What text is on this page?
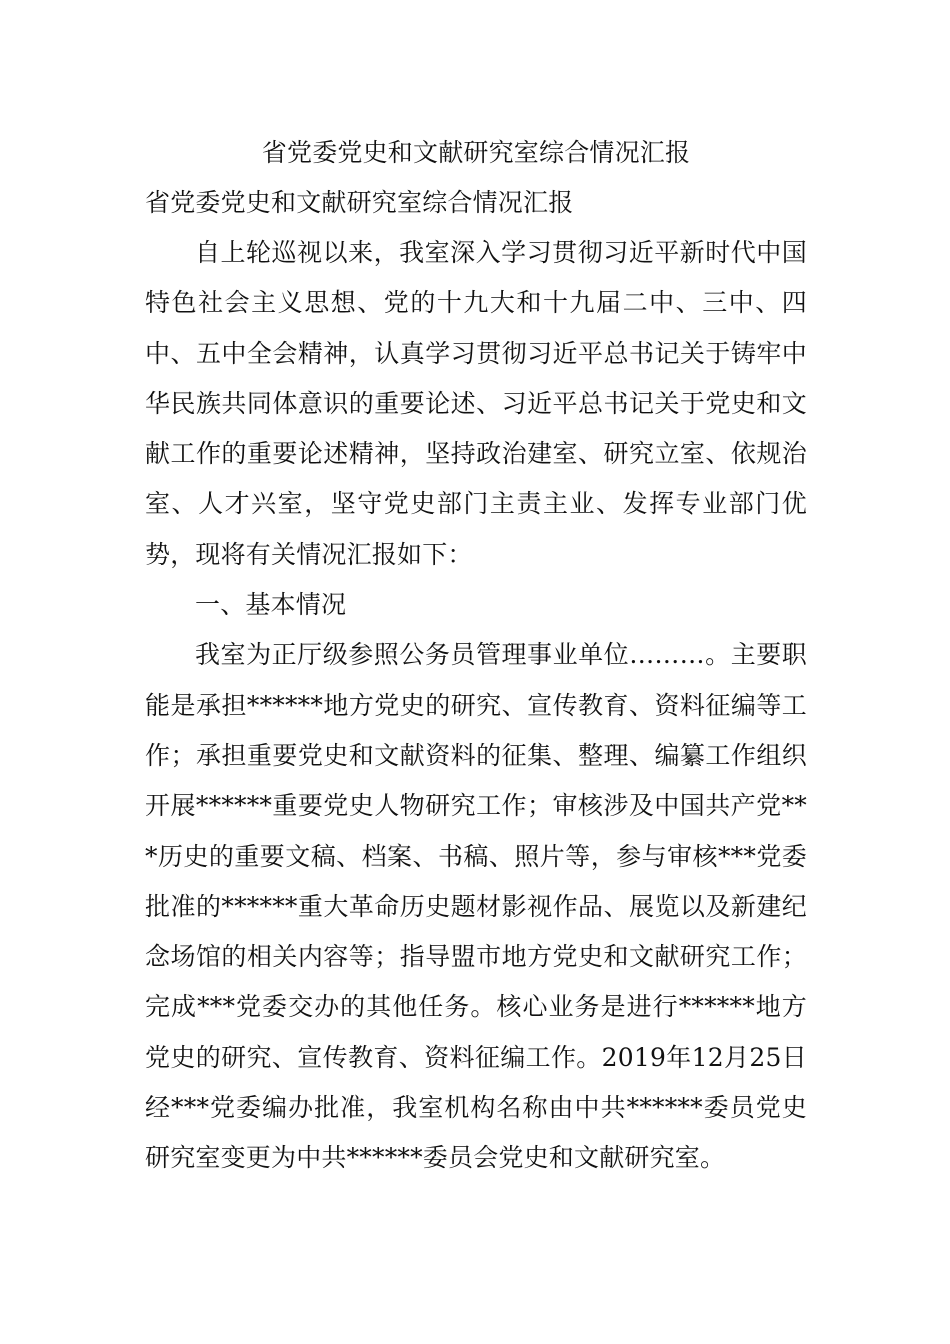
省党委党史和文献研究室综合情况汇报

省党委党史和文献研究室综合情况汇报

自上轮巡视以来，我室深入学习贯彻习近平新时代中国特色社会主义思想、党的十九大和十九届二中、三中、四中、五中全会精神，认真学习贯彻习近平总书记关于铸牢中华民族共同体意识的重要论述、习近平总书记关于党史和文献工作的重要论述精神，坚持政治建室、研究立室、依规治室、人才兴室，坚守党史部门主责主业、发挥专业部门优势，现将有关情况汇报如下：

一、基本情况

我室为正厅级参照公务员管理事业单位………。主要职能是承担******地方党史的研究、宣传教育、资料征编等工作；承担重要党史和文献资料的征集、整理、编纂工作组织开展******重要党史人物研究工作；审核涉及中国共产党***历史的重要文稿、档案、书稿、照片等，参与审核***党委批准的******重大革命历史题材影视作品、展览以及新建纪念场馆的相关内容等；指导盟市地方党史和文献研究工作；完成***党委交办的其他任务。核心业务是进行******地方党史的研究、宣传教育、资料征编工作。2019年12月25日经***党委编办批准，我室机构名称由中共******委员党史研究室变更为中共******委员会党史和文献研究室。
